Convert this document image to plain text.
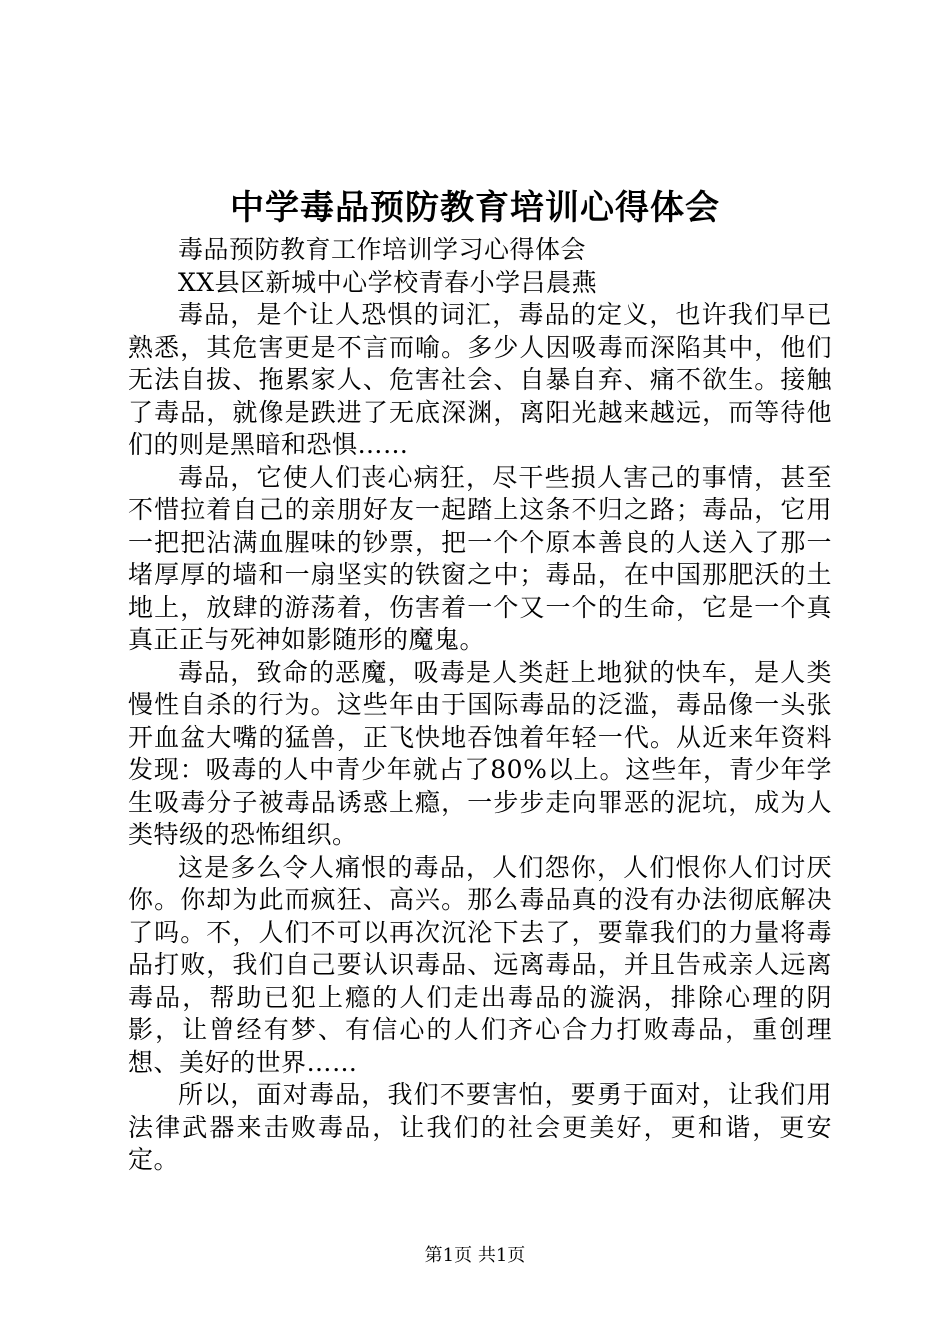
中学毒品预防教育培训心得体会

毒品预防教育工作培训学习心得体会

XX县区新城中心学校青春小学吕晨燕

毒品，是个让人恐惧的词汇，毒品的定义，也许我们早已熟悉，其危害更是不言而喻。多少人因吸毒而深陷其中，他们无法自拔、拖累家人、危害社会、自暴自弃、痛不欲生。接触了毒品，就像是跌进了无底深渊，离阳光越来越远，而等待他们的则是黑暗和恐惧……

毒品，它使人们丧心病狂，尽干些损人害己的事情，甚至不惜拉着自己的亲朋好友一起踏上这条不归之路；毒品，它用一把把沾满血腥味的钞票，把一个个原本善良的人送入了那一堵厚厚的墙和一扇坚实的铁窗之中；毒品，在中国那肥沃的土地上，放肆的游荡着，伤害着一个又一个的生命，它是一个真真正正与死神如影随形的魔鬼。

毒品，致命的恶魔，吸毒是人类赶上地狱的快车，是人类慢性自杀的行为。这些年由于国际毒品的泛滥，毒品像一头张开血盆大嘴的猛兽，正飞快地吞蚀着年轻一代。从近来年资料发现：吸毒的人中青少年就占了80%以上。这些年，青少年学生吸毒分子被毒品诱惑上瘾，一步步走向罪恶的泥坑，成为人类特级的恐怖组织。

这是多么令人痛恨的毒品，人们怨你，人们恨你人们讨厌你。你却为此而疯狂、高兴。那么毒品真的没有办法彻底解决了吗。不，人们不可以再次沉沦下去了，要靠我们的力量将毒品打败，我们自己要认识毒品、远离毒品，并且告戒亲人远离毒品，帮助已犯上瘾的人们走出毒品的漩涡，排除心理的阴影，让曾经有梦、有信心的人们齐心合力打败毒品，重创理想、美好的世界……

所以，面对毒品，我们不要害怕，要勇于面对，让我们用法律武器来击败毒品，让我们的社会更美好，更和谐，更安定。

第1页 共1页
